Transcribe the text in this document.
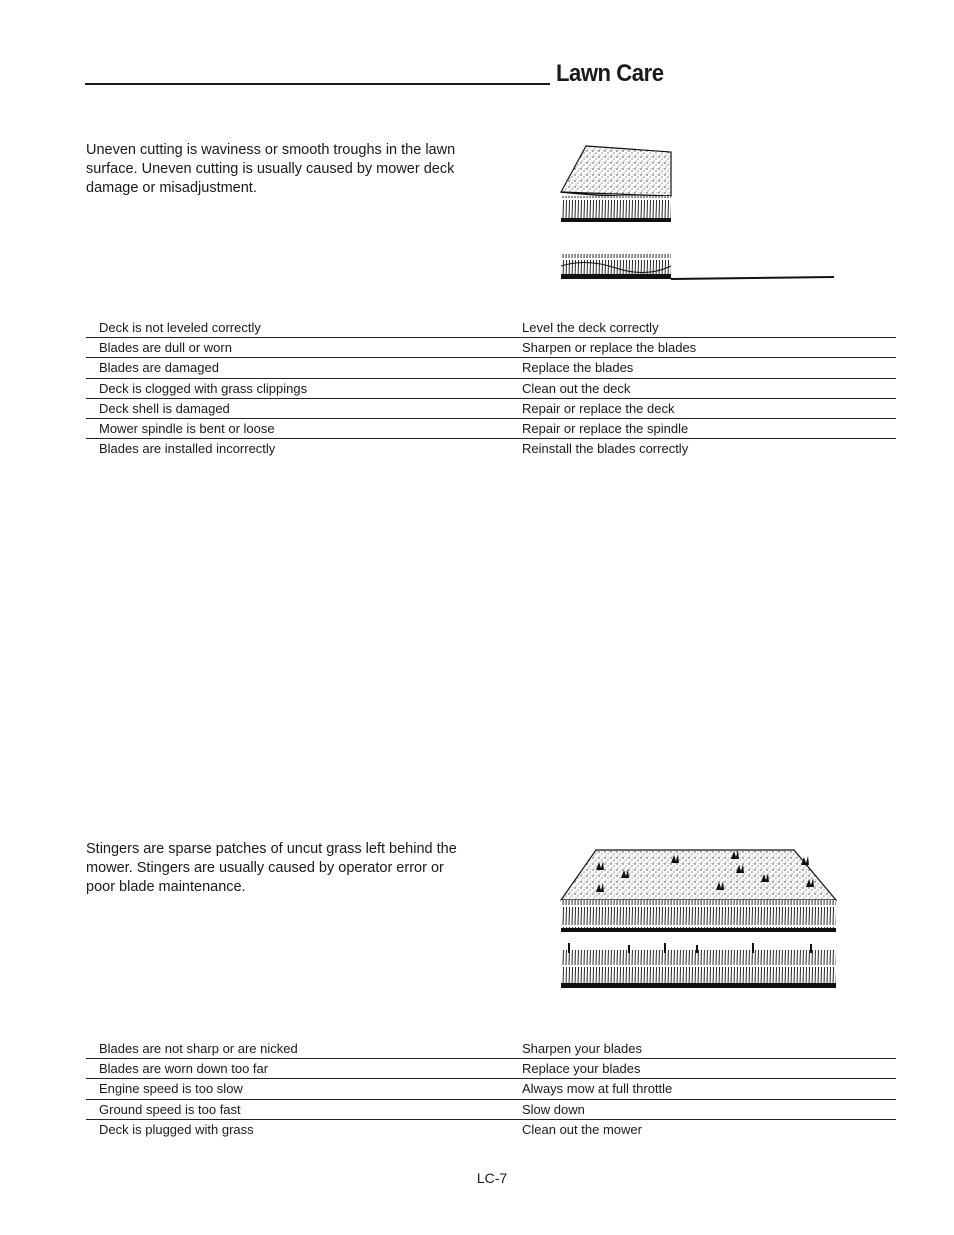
Lawn Care
Uneven cutting is waviness or smooth troughs in the lawn surface. Uneven cutting is usually caused by mower deck damage or misadjustment.
Deck is not leveled correctly	Level the deck correctly
Blades are dull or worn	Sharpen or replace the blades
Blades are damaged	Replace the blades
Deck is clogged with grass clippings	Clean out the deck
Deck shell is damaged	Repair or replace the deck
Mower spindle is bent or loose	Repair or replace the spindle
Blades are installed incorrectly	Reinstall the blades correctly
Stingers are sparse patches of uncut grass left behind the mower. Stingers are usually caused by operator error or poor blade maintenance.
Blades are not sharp or are nicked	Sharpen your blades
Blades are worn down too far	Replace your blades
Engine speed is too slow	Always mow at full throttle
Ground speed is too fast	Slow down
Deck is plugged with grass	Clean out the mower
LC-7
